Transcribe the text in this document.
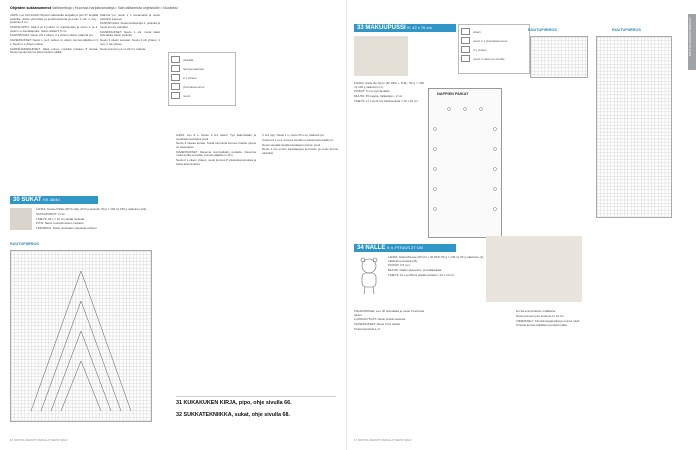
Ohjeiden sukkanumerot Vaihtoehtoja • Huomaa harjoitusmalleja • Vain laittamista ohjeistoille • Vuodeksi

VARS: Luo KULKAAR Ntyöstö valkoisella langalla ja pue 67 kerjällä puikoille. Aloita ylimmäksi ja joustinneulosta ja neulo 1 oik, 1 nurj -joustinta 4 cm.

KANTALAPPU: Jätä 2 ja 3 puikon s:t odottamaan ja neulo 1. ja 4. puikon s:t kantalapuksi. Neulo sileää 5,5 cm.

KANTAPOHJA: Neulo 2/3 s oikein, 2 s yhteen oikein, käännä työ.

KAVENNUKSET: Neulo 1. ja 2. puikon s:t oikein, kunnes jäljellä on 3 s. Neulo 2 s yhteen oikein.

KÄRKIKAVENNUKSET: Jatka ennen merkkiä toistaen 8 kertaa. Neulo lopuksi kerros kavennusten välillä.

30 SUKAT KK 38/40

LANKA: Teetee Pallas (80 % villa, 20 % polyamidi, 50 g = 130 m) 150 g valkoinen (21).

SUKKAPUIKOT: 3 mm.

TIHEYS: 26 s = 10 cm sileää neuletta.

PITSI: Neulo ruutupiirroksen mukaan.

TEKNIIKKA: Sukat neulotaan varpaista varteen.

RUUTUPIIRROS

Käännä työ, neulo 1 s nostamatta ja neulo valmiiksi loppuun.

KANTAPOHJA: Aloita kantapohja 1. puikolta ja neulo kerros valmiiksi.

KAVENNUKSET: Neulo 1 oik, nosta kaksi silmukkaa oikein puikolle.

Neulo 3 oikein suoraan. Neulo 2 oik yhteen, 1 nurj, 2 oik yhteen.

Neulo kunnes työ on 23 cm mitasta.

oikealla
tarrojemaarkeet
2 s yhteen
ylivetokavennus
neulo

GÄNS: Luo 8 s. Neulo 3 krs oikein. Työ käännetään ja neulotaan tarvittava puoli.

Neulo 3 oikeaa kertaa. Toista kerroksia kunnes haluttu pituus on saavutettu.

KAVENNUKSET: Kavenna kummaltakin puolelta. Kavenna molemmilta reunoilta, kunnes jäljellä on 10 s.

Neulo 2 s oikein yhteen, neulo kunnes 8 ylivetokavennuksia ja toista kavennuksia.

3. krs (op): Neulo 1 s, neulo 20 s op, käännä työ.

Toista krs 1 ja 2, kunnes sivuilla on kavennettu kaikki s:t.

Neulo samalla tavalla kantalapun toinen puoli.

Neulo 1 krs ennen kantalappua kerrosten ja neulo kerros valmiiksi.

31 KUKAKUKEN KIRJA, pipo, ohje sivulla 66.
32 SUKKATEKNIIKKA, sukat, ohje sivulla 68.
16 NOVITA HARJOITUSMALLIT KEVÄT 2021
33 MAKUUPUSSI K: 42 x 76 cm
oikein
neulo 1 s ylivetokavennus
3 s yhteen
neulo 1 oikein ja sivuille

LANKA: Katia Re-Spyo (92 PES + 8 EL; 50 g = 100 m) 100 g valkoinen (1).

PUIKOT: 5 mm pyöröpuikko.

MUUTA: 35 nappia, halkaisija n. 2 cm.

TIHEYS: 17 s ja 21 krs sileäneuletta = 10 x 10 cm.

RUUTUPIIRROS	RUUTUPIIRROS
NAPPIEN PAIKAT
34 NALLE K n. PITUUS 27 CM

LANKA: Katia Mousse (60 CO + 40 PAN; 50 g = 145 m) 50 g valkoinen (1), vähänkin punaista (15).

PUIKOT: 3,5 mm.

MUUTA: Nallen täytevanu, puuvillalankaa.

TIHEYS: 21 s ja 28 krs sileää neuletta = 10 x 10 cm.

TAKAKAPPALE: Luo 30 silmukkaa ja neulo 6 kerrosta oikein.

LUONUIKYTKÄT: Neulo joustinneulosta.

KAVENNUKSET: Neulo 3 krs sileää.

Toista kerroksia 1–6.

krs 9a ensimmäinen mallikerta.

Neulo kunnes työn korkeus on 24 cm.

VIIMEISTELY: Kiinnitä langanpäät ja ommel napit.

Ompele korvat paikalleen ja täytä nallen.

17 NOVITA HARJOITUSMALLIT KEVÄT 2021
NOVITA HARJOITUSMALLIT
